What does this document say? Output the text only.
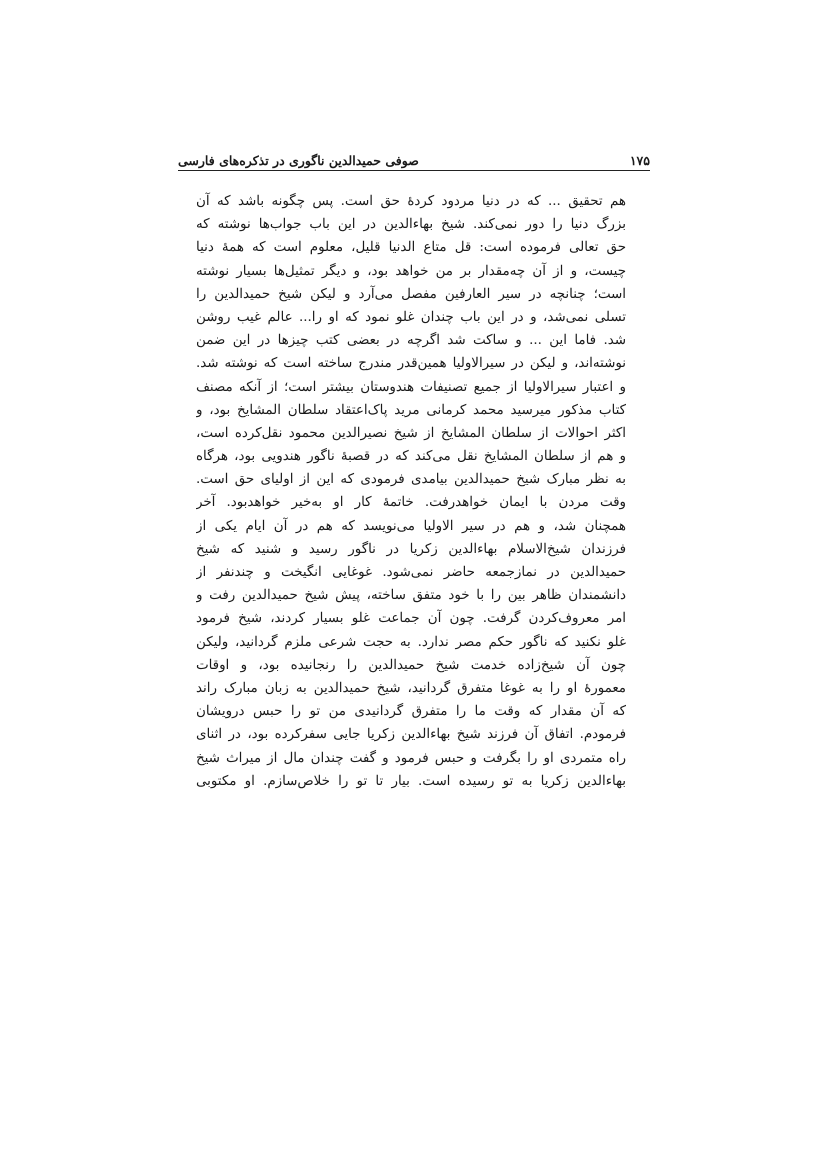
۱۷۵
صوفی حمیدالدین ناگوری در تذکره‌های فارسی
هم تحقیق ... که در دنیا مردود کردهٔ حق است. پس چگونه باشد که آن
بزرگ دنیا را دور نمی‌کند. شیخ بهاءالدین در این باب جواب‌ها نوشته که
حق تعالی فرموده است: قل متاع الدنیا قلیل، معلوم است که همهٔ دنیا
چیست، و از آن چه‌مقدار بر من خواهد بود، و دیگر تمثیل‌ها بسیار نوشته
است؛ چنانچه در سیر العارفین مفصل می‌آرد و لیکن شیخ حمیدالدین را
تسلی نمی‌شد، و در این باب چندان غلو نمود که او را... عالم غیب روشن
شد. فاما این ... و ساکت شد اگرچه در بعضی کتب چیزها در این ضمن
نوشته‌اند، و لیکن در سیرالاولیا همین‌قدر مندرج ساخته است که نوشته شد.
و اعتبار سیرالاولیا از جمیع تصنیفات هندوستان بیشتر است؛ از آنکه مصنف
کتاب مذکور میرسید محمد کرمانی مرید پاک‌اعتقاد سلطان المشایخ بود، و
اکثر احوالات از سلطان المشایخ از شیخ نصیرالدین محمود نقل‌کرده است،
و هم از سلطان المشایخ نقل می‌کند که در قصبهٔ ناگور هندویی بود، هرگاه
به نظر مبارک شیخ حمیدالدین بیامدی فرمودی که این از اولیای حق است.
وقت مردن با ایمان خواهدرفت. خاتمهٔ کار او به‌خیر خواهدبود. آخر
همچنان شد، و هم در سیر الاولیا می‌نویسد که هم در آن ایام یکی از
فرزندان شیخ‌الاسلام بهاءالدین زکریا در ناگور رسید و شنید که شیخ
حمیدالدین در نمازجمعه حاضر نمی‌شود. غوغایی انگیخت و چندنفر از
دانشمندان ظاهر بین را با خود متفق ساخته، پیش شیخ حمیدالدین رفت و
امر معروف‌کردن گرفت. چون آن جماعت غلو بسیار کردند، شیخ فرمود
غلو نکنید که ناگور حکم مصر ندارد. به حجت شرعی ملزم گردانید، ولیکن
چون آن شیخ‌زاده خدمت شیخ حمیدالدین را رنجانیده بود، و اوقات
معمورهٔ او را به غوغا متفرق گردانید، شیخ حمیدالدین به زبان مبارک راند
که آن مقدار که وقت ما را متفرق گردانیدی من تو را حبس درویشان
فرمودم. اتفاق آن فرزند شیخ بهاءالدین زکریا جایی سفرکرده بود، در اثنای
راه متمردی او را بگرفت و حبس فرمود و گفت چندان مال از میراث شیخ
بهاءالدین زکریا به تو رسیده است. بیار تا تو را خلاص‌سازم. او مکتوبی
